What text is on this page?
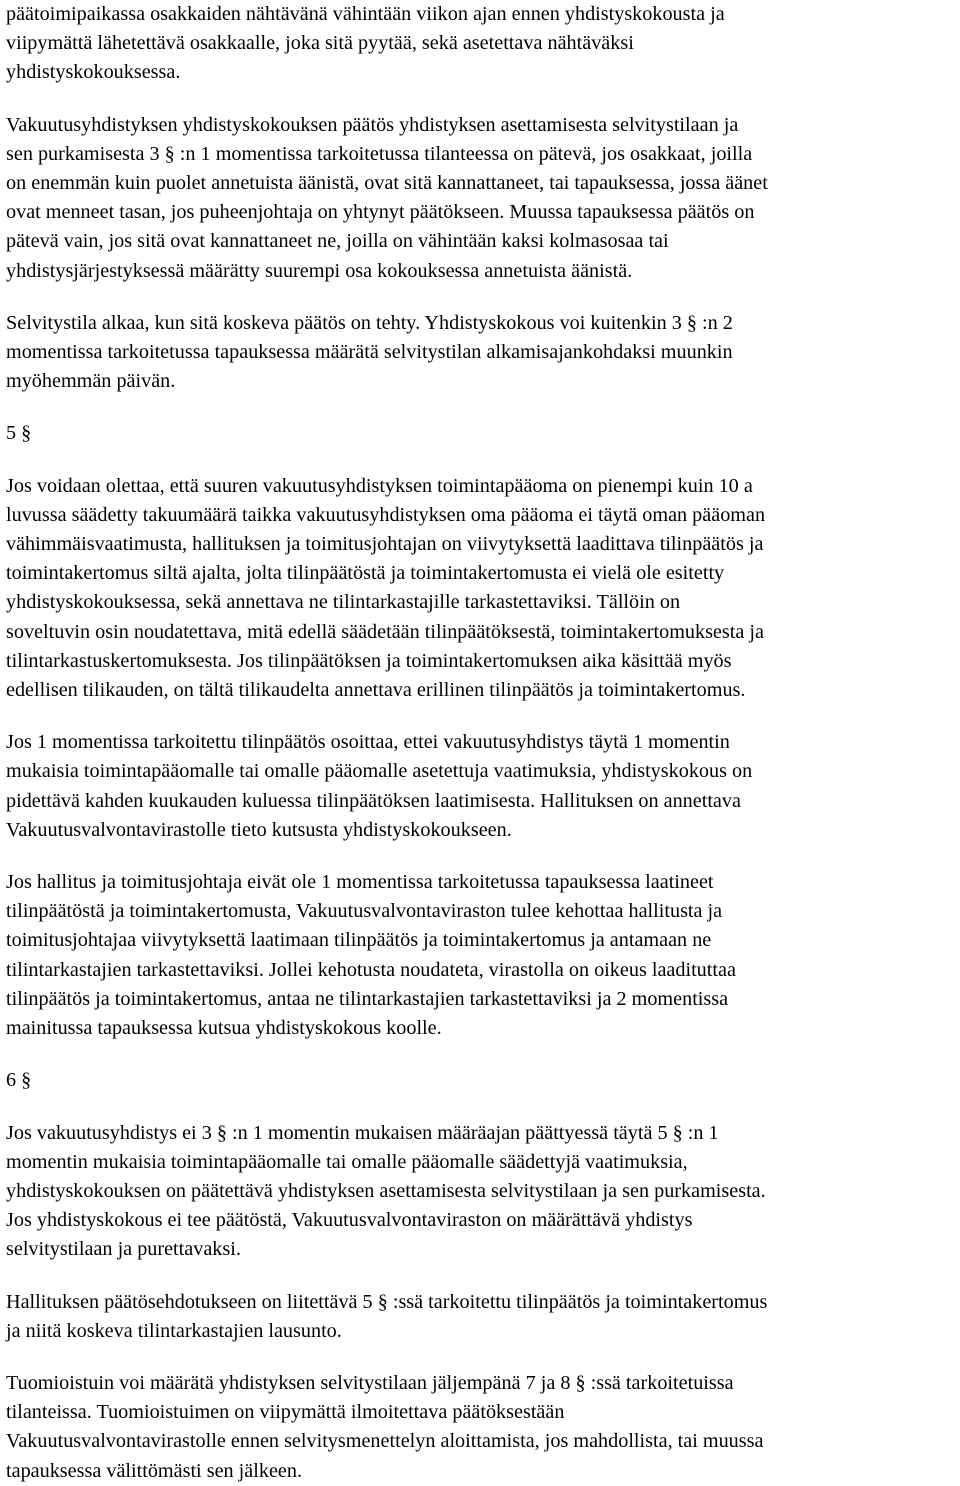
päätoimipaikassa osakkaiden nähtävänä vähintään viikon ajan ennen yhdistyskokousta ja
viipymättä lähetettävä osakkaalle, joka sitä pyytää, sekä asetettava nähtäväksi
yhdistyskokouksessa.
Vakuutusyhdistyksen yhdistyskokouksen päätös yhdistyksen asettamisesta selvitystilaan ja
sen purkamisesta 3 § :n 1 momentissa tarkoitetussa tilanteessa on pätevä, jos osakkaat, joilla
on enemmän kuin puolet annetuista äänistä, ovat sitä kannattaneet, tai tapauksessa, jossa äänet
ovat menneet tasan, jos puheenjohtaja on yhtynyt päätökseen. Muussa tapauksessa päätös on
pätevä vain, jos sitä ovat kannattaneet ne, joilla on vähintään kaksi kolmasosaa tai
yhdistysjärjestyksessä määrätty suurempi osa kokouksessa annetuista äänistä.
Selvitystila alkaa, kun sitä koskeva päätös on tehty. Yhdistyskokous voi kuitenkin 3 § :n 2
momentissa tarkoitetussa tapauksessa määrätä selvitystilan alkamisajankohdaksi muunkin
myöhemmän päivän.
5 §
Jos voidaan olettaa, että suuren vakuutusyhdistyksen toimintapääoma on pienempi kuin 10 a
luvussa säädetty takuumäärä taikka vakuutusyhdistyksen oma pääoma ei täytä oman pääoman
vähimmäisvaatimusta, hallituksen ja toimitusjohtajan on viivytyksettä laadittava tilinpäätös ja
toimintakertomus siltä ajalta, jolta tilinpäätöstä ja toimintakertomusta ei vielä ole esitetty
yhdistyskokouksessa, sekä annettava ne tilintarkastajille tarkastettaviksi. Tällöin on
soveltuvin osin noudatettava, mitä edellä säädetään tilinpäätöksestä, toimintakertomuksesta ja
tilintarkastuskertomuksesta. Jos tilinpäätöksen ja toimintakertomuksen aika käsittää myös
edellisen tilikauden, on tältä tilikaudelta annettava erillinen tilinpäätös ja toimintakertomus.
Jos 1 momentissa tarkoitettu tilinpäätös osoittaa, ettei vakuutusyhdistys täytä 1 momentin
mukaisia toimintapääomalle tai omalle pääomalle asetettuja vaatimuksia, yhdistyskokous on
pidettävä kahden kuukauden kuluessa tilinpäätöksen laatimisesta. Hallituksen on annettava
Vakuutusvalvontavirastolle tieto kutsusta yhdistyskokoukseen.
Jos hallitus ja toimitusjohtaja eivät ole 1 momentissa tarkoitetussa tapauksessa laatineet
tilinpäätöstä ja toimintakertomusta, Vakuutusvalvontaviraston tulee kehottaa hallitusta ja
toimitusjohtajaa viivytyksettä laatimaan tilinpäätös ja toimintakertomus ja antamaan ne
tilintarkastajien tarkastettaviksi. Jollei kehotusta noudateta, virastolla on oikeus laadituttaa
tilinpäätös ja toimintakertomus, antaa ne tilintarkastajien tarkastettaviksi ja 2 momentissa
mainitussa tapauksessa kutsua yhdistyskokous koolle.
6 §
Jos vakuutusyhdistys ei 3 § :n 1 momentin mukaisen määräajan päättyessä täytä 5 § :n 1
momentin mukaisia toimintapääomalle tai omalle pääomalle säädettyjä vaatimuksia,
yhdistyskokouksen on päätettävä yhdistyksen asettamisesta selvitystilaan ja sen purkamisesta.
Jos yhdistyskokous ei tee päätöstä, Vakuutusvalvontaviraston on määrättävä yhdistys
selvitystilaan ja purettavaksi.
Hallituksen päätösehdotukseen on liitettävä 5 § :ssä tarkoitettu tilinpäätös ja toimintakertomus
ja niitä koskeva tilintarkastajien lausunto.
Tuomioistuin voi määrätä yhdistyksen selvitystilaan jäljempänä 7 ja 8 § :ssä tarkoitetuissa
tilanteissa. Tuomioistuimen on viipymättä ilmoitettava päätöksestään
Vakuutusvalvontavirastolle ennen selvitysmenettelyn aloittamista, jos mahdollista, tai muussa
tapauksessa välittömästi sen jälkeen.
